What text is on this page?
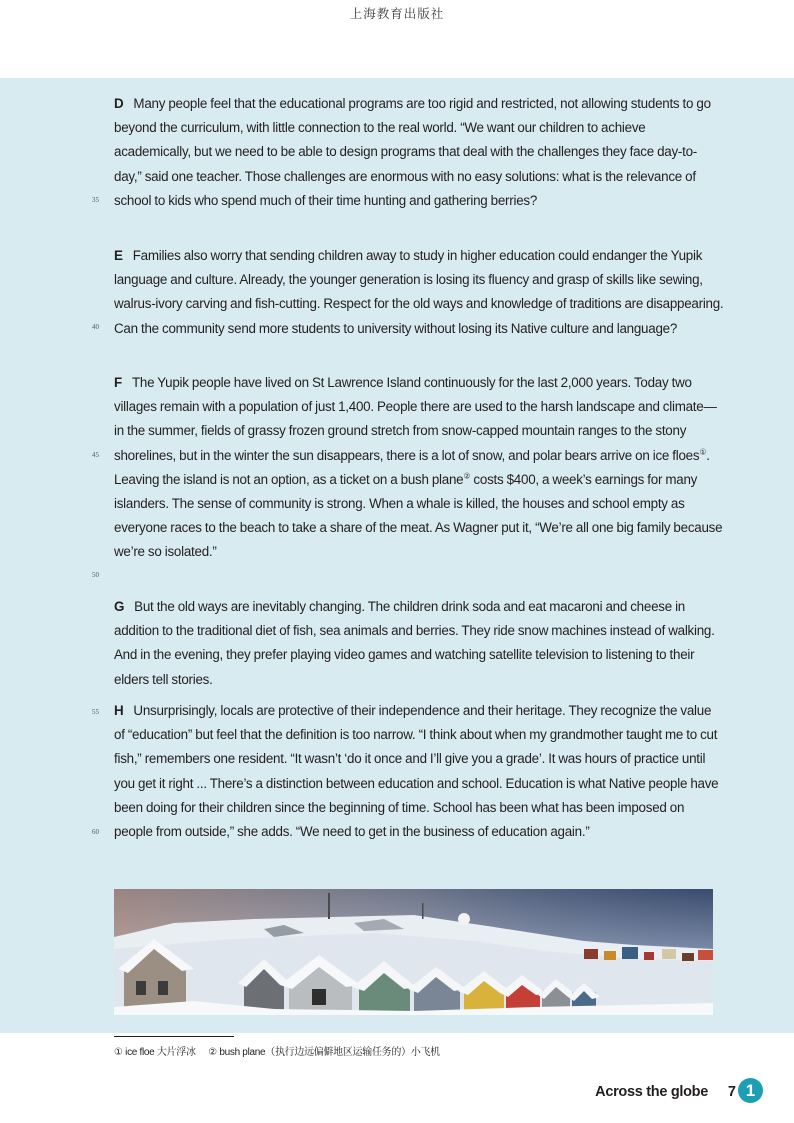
上海教育出版社
D Many people feel that the educational programs are too rigid and restricted, not allowing students to go beyond the curriculum, with little connection to the real world. “We want our children to achieve academically, but we need to be able to design programs that deal with the challenges they face day-to-day,” said one teacher. Those challenges are enormous with no easy solutions: what is the relevance of school to kids who spend much of their time hunting and gathering berries?
E Families also worry that sending children away to study in higher education could endanger the Yupik language and culture. Already, the younger generation is losing its fluency and grasp of skills like sewing, walrus-ivory carving and fish-cutting. Respect for the old ways and knowledge of traditions are disappearing. Can the community send more students to university without losing its Native culture and language?
F The Yupik people have lived on St Lawrence Island continuously for the last 2,000 years. Today two villages remain with a population of just 1,400. People there are used to the harsh landscape and climate—in the summer, fields of grassy frozen ground stretch from snow-capped mountain ranges to the stony shorelines, but in the winter the sun disappears, there is a lot of snow, and polar bears arrive on ice floes①. Leaving the island is not an option, as a ticket on a bush plane② costs $400, a week’s earnings for many islanders. The sense of community is strong. When a whale is killed, the houses and school empty as everyone races to the beach to take a share of the meat. As Wagner put it, “We’re all one big family because we’re so isolated.”
G But the old ways are inevitably changing. The children drink soda and eat macaroni and cheese in addition to the traditional diet of fish, sea animals and berries. They ride snow machines instead of walking. And in the evening, they prefer playing video games and watching satellite television to listening to their elders tell stories.
H Unsurprisingly, locals are protective of their independence and their heritage. They recognize the value of “education” but feel that the definition is too narrow. “I think about when my grandmother taught me to cut fish,” remembers one resident. “It wasn’t ‘do it once and I’ll give you a grade’. It was hours of practice until you get it right ... There’s a distinction between education and school. Education is what Native people have been doing for their children since the beginning of time. School has been what has been imposed on people from outside,” she adds. “We need to get in the business of education again.”
35
40
45
50
55
60
① ice floe 大片浮冰 ② bush plane（执行边远偏僻地区运输任务的）小飞机
Across the globe 7 1
